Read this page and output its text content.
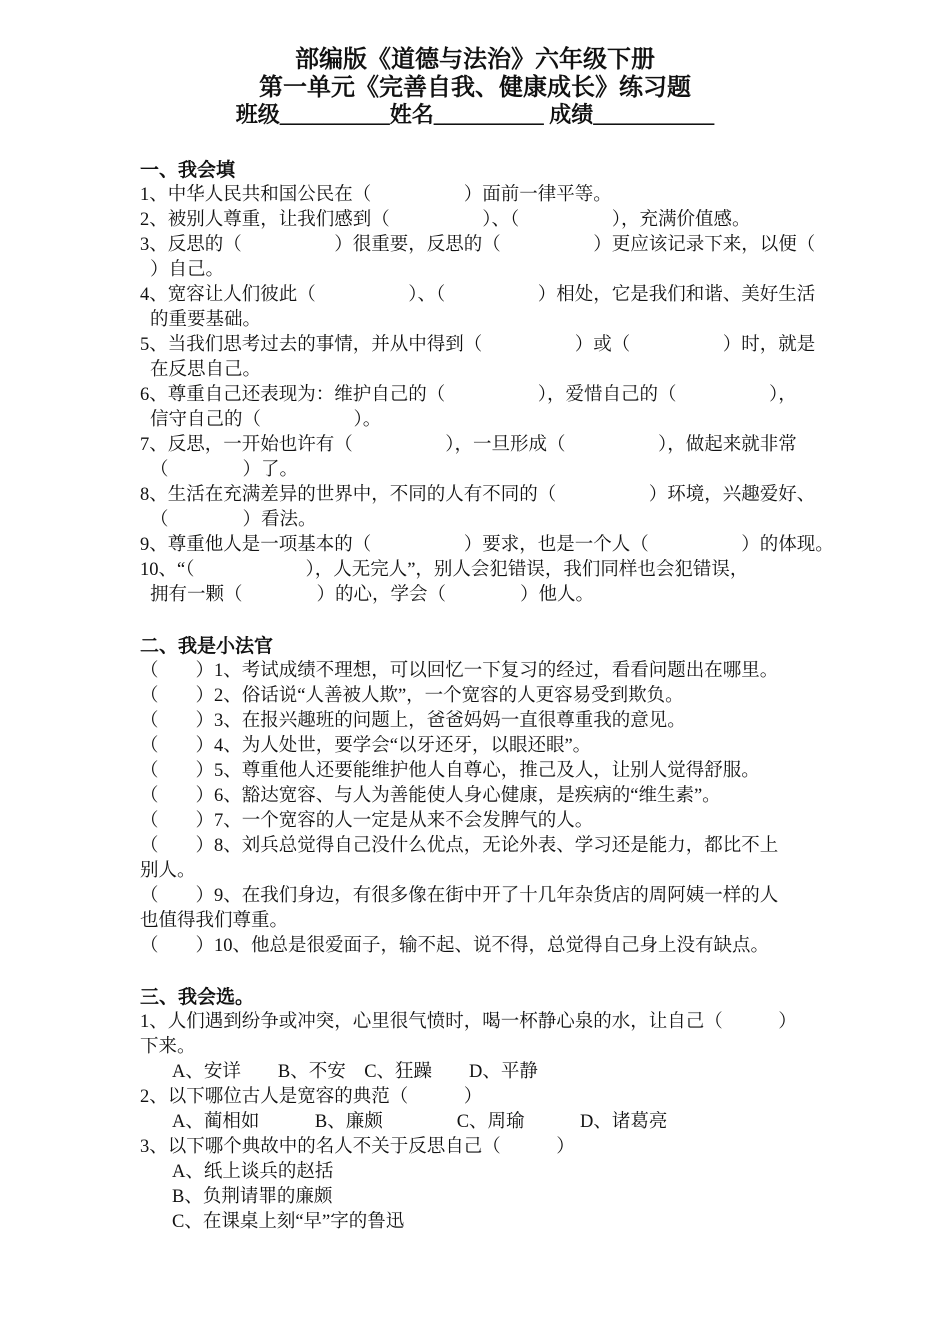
部编版《道德与法治》六年级下册
第一单元《完善自我、健康成长》练习题
班级__________姓名__________ 成绩___________
一、我会填
1、中华人民共和国公民在（　　　　　）面前一律平等。
2、被别人尊重，让我们感到（　　　　　）、（　　　　　），充满价值感。
3、反思的（　　　　　）很重要，反思的（　　　　　）更应该记录下来，以便（
）自己。
4、宽容让人们彼此（　　　　　）、（　　　　　）相处，它是我们和谐、美好生活
的重要基础。
5、当我们思考过去的事情，并从中得到（　　　　　）或（　　　　　）时，就是
在反思自己。
6、尊重自己还表现为：维护自己的（　　　　　），爱惜自己的（　　　　　），
信守自己的（　　　　　）。
7、反思，一开始也许有（　　　　　），一旦形成（　　　　　），做起来就非常
（　　　　）了。
8、生活在充满差异的世界中，不同的人有不同的（　　　　　）环境，兴趣爱好、
（　　　　）看法。
9、尊重他人是一项基本的（　　　　　）要求，也是一个人（　　　　　）的体现。
10、“（　　　　　　），人无完人”，别人会犯错误，我们同样也会犯错误，
拥有一颗（　　　　）的心，学会（　　　　）他人。
二、我是小法官
（　　）1、考试成绩不理想，可以回忆一下复习的经过，看看问题出在哪里。
（　　）2、俗话说“人善被人欺”，一个宽容的人更容易受到欺负。
（　　）3、在报兴趣班的问题上，爸爸妈妈一直很尊重我的意见。
（　　）4、为人处世，要学会“以牙还牙，以眼还眼”。
（　　）5、尊重他人还要能维护他人自尊心，推己及人，让别人觉得舒服。
（　　）6、豁达宽容、与人为善能使人身心健康，是疾病的“维生素”。
（　　）7、一个宽容的人一定是从来不会发脾气的人。
（　　）8、刘兵总觉得自己没什么优点，无论外表、学习还是能力，都比不上
别人。
（　　）9、在我们身边，有很多像在街中开了十几年杂货店的周阿姨一样的人
也值得我们尊重。
（　　）10、他总是很爱面子，输不起、说不得，总觉得自己身上没有缺点。
三、我会选。
1、人们遇到纷争或冲突，心里很气愤时，喝一杯静心泉的水，让自己（　　　）
下来。
A、安详　　B、不安　C、狂躁　　D、平静
2、以下哪位古人是宽容的典范（　　　）
A、蔺相如　　　B、廉颇　　　　C、周瑜　　　D、诸葛亮
3、以下哪个典故中的名人不关于反思自己（　　　）
A、纸上谈兵的赵括
B、负荆请罪的廉颇
C、在课桌上刻“早”字的鲁迅
